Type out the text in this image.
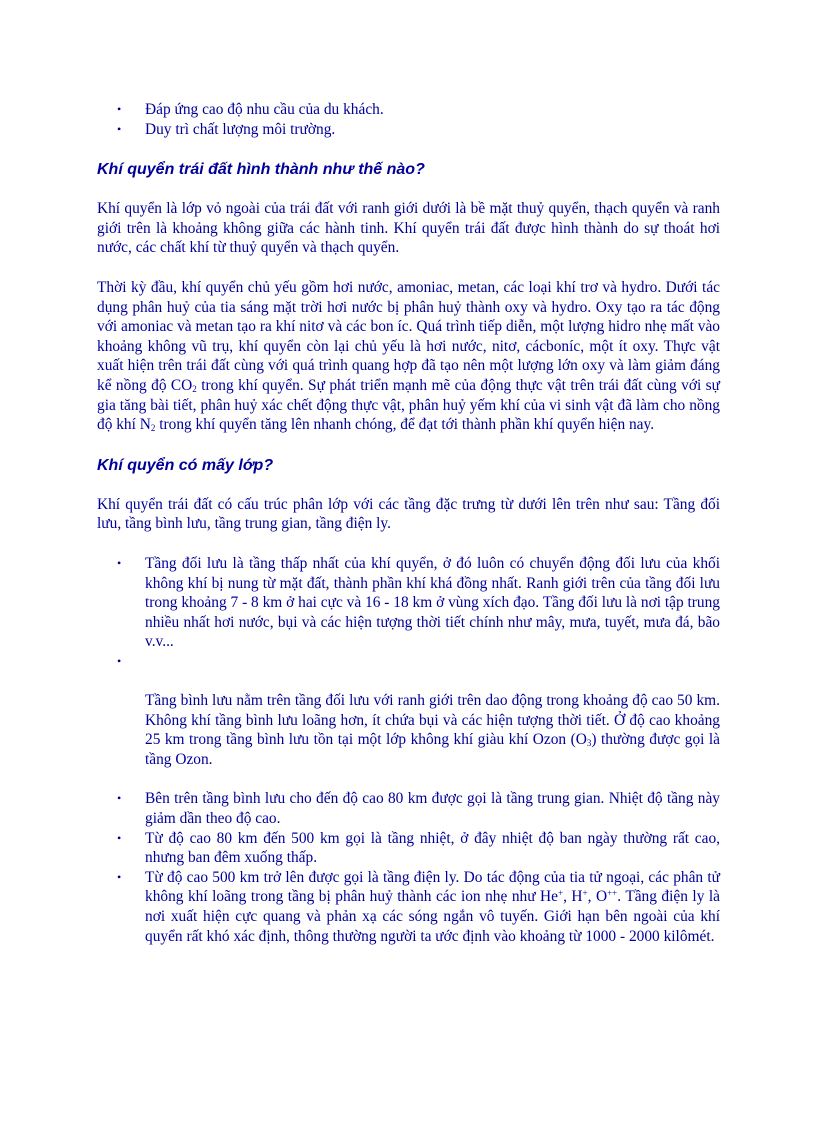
•	Đáp ứng cao độ nhu cầu của du khách.
•	Duy trì chất lượng môi trường.
Khí quyển trái đất hình thành như thế nào?

Khí quyển là lớp vỏ ngoài của trái đất với ranh giới dưới là bề mặt thuỷ quyển, thạch quyển và ranh giới trên là khoảng không giữa các hành tinh. Khí quyển trái đất được hình thành do sự thoát hơi nước, các chất khí từ thuỷ quyển và thạch quyển.

Thời kỳ đầu, khí quyển chủ yếu gồm hơi nước, amoniac, metan, các loại khí trơ và hydro. Dưới tác dụng phân huỷ của tia sáng mặt trời hơi nước bị phân huỷ thành oxy và hydro. Oxy tạo ra tác động với amoniac và metan tạo ra khí nitơ và các bon íc. Quá trình tiếp diễn, một lượng hidro nhẹ mất vào khoảng không vũ trụ, khí quyển còn lại chủ yếu là hơi nước, nitơ, cácboníc, một ít oxy. Thực vật xuất hiện trên trái đất cùng với quá trình quang hợp đã tạo nên một lượng lớn oxy và làm giảm đáng kể nồng độ $CO_2$ trong khí quyển. Sự phát triển mạnh mẽ của động thực vật trên trái đất cùng với sự gia tăng bài tiết, phân huỷ xác chết động thực vật, phân huỷ yếm khí của vi sinh vật đã làm cho nồng độ khí $N_2$ trong khí quyển tăng lên nhanh chóng, để đạt tới thành phần khí quyển hiện nay.

Khí quyển có mấy lớp?

Khí quyển trái đất có cấu trúc phân lớp với các tầng đặc trưng từ dưới lên trên như sau: Tầng đối lưu, tầng bình lưu, tầng trung gian, tầng điện ly.

•	Tầng đối lưu là tầng thấp nhất của khí quyển, ở đó luôn có chuyển động đối lưu của khối không khí bị nung từ mặt đất, thành phần khí khá đồng nhất. Ranh giới trên của tầng đối lưu trong khoảng 7 - 8 km ở hai cực và 16 - 18 km ở vùng xích đạo. Tầng đối lưu là nơi tập trung nhiều nhất hơi nước, bụi và các hiện tượng thời tiết chính như mây, mưa, tuyết, mưa đá, bão v.v...
•

Tầng bình lưu nằm trên tầng đối lưu với ranh giới trên dao động trong khoảng độ cao 50 km. Không khí tầng bình lưu loãng hơn, ít chứa bụi và các hiện tượng thời tiết. Ở độ cao khoảng 25 km trong tầng bình lưu tồn tại một lớp không khí giàu khí Ozon $(O_3)$ thường được gọi là tầng Ozon.
•	Bên trên tầng bình lưu cho đến độ cao 80 km được gọi là tầng trung gian. Nhiệt độ tầng này giảm dần theo độ cao.
•	Từ độ cao 80 km đến 500 km gọi là tầng nhiệt, ở đây nhiệt độ ban ngày thường rất cao, nhưng ban đêm xuống thấp.
•	Từ độ cao 500 km trở lên được gọi là tầng điện ly. Do tác động của tia tử ngoại, các phân tử không khí loãng trong tầng bị phân huỷ thành các ion nhẹ như He+, H+, O++. Tầng điện ly là nơi xuất hiện cực quang và phản xạ các sóng ngắn vô tuyến. Giới hạn bên ngoài của khí quyển rất khó xác định, thông thường người ta ước định vào khoảng từ 1000 - 2000 kilômét.
